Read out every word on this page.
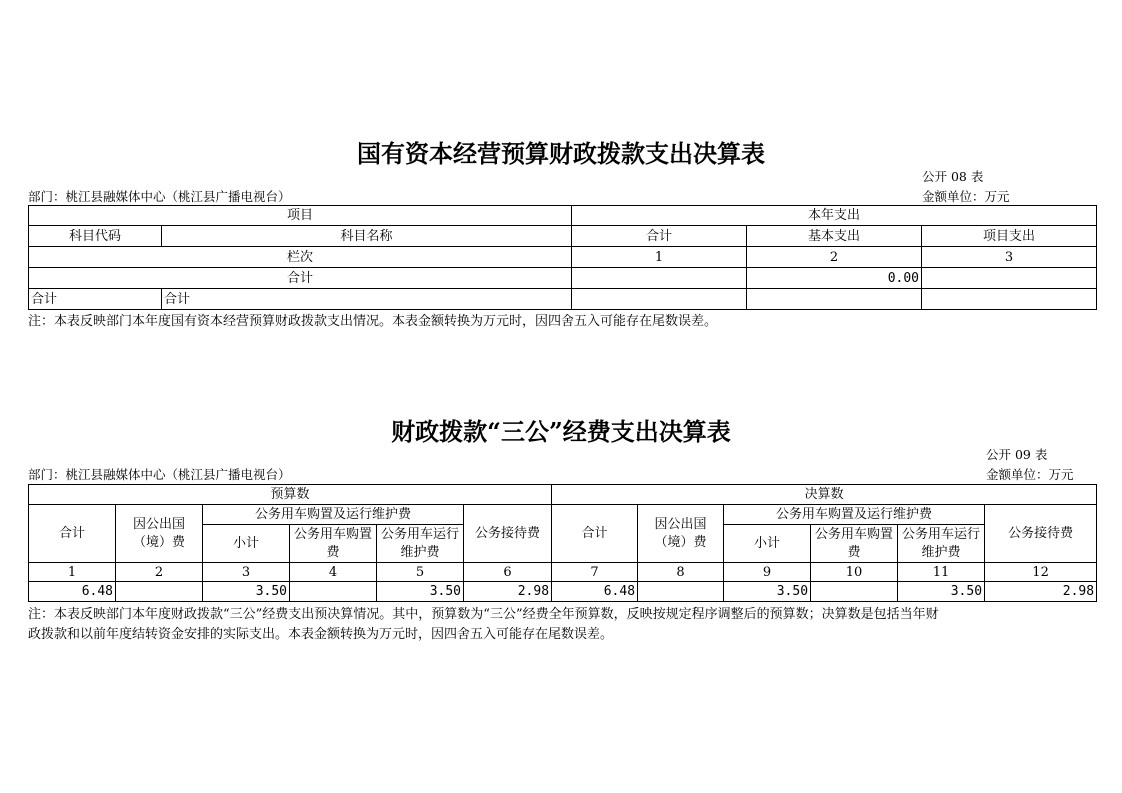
国有资本经营预算财政拨款支出决算表
公开 08 表
部门：桃江县融媒体中心（桃江县广播电视台）	金额单位：万元
项目		本年支出		
科目代码	科目名称	合计	基本支出	项目支出
栏次		1	2	3
合计			0.00	
合计	合计			
注：本表反映部门本年度国有资本经营预算财政拨款支出情况。本表金额转换为万元时，因四舍五入可能存在尾数误差。
财政拨款“三公”经费支出决算表
公开 09 表
部门：桃江县融媒体中心（桃江县广播电视台）	金额单位：万元
预算数						决算数					
合计	因公出国（境）费	公务用车购置及运行维护费			公务接待费	合计	因公出国（境）费	公务用车购置及运行维护费			公务接待费
		小计	公务用车购置费	公务用车运行维护费				小计	公务用车购置费	公务用车运行维护费	
1	2	3	4	5	6	7	8	9	10	11	12
6.48		3.50		3.50	2.98	6.48		3.50		3.50	2.98
注：本表反映部门本年度财政拨款“三公”经费支出预决算情况。其中，预算数为“三公”经费全年预算数，反映按规定程序调整后的预算数；决算数是包括当年财
政拨款和以前年度结转资金安排的实际支出。本表金额转换为万元时，因四舍五入可能存在尾数误差。
